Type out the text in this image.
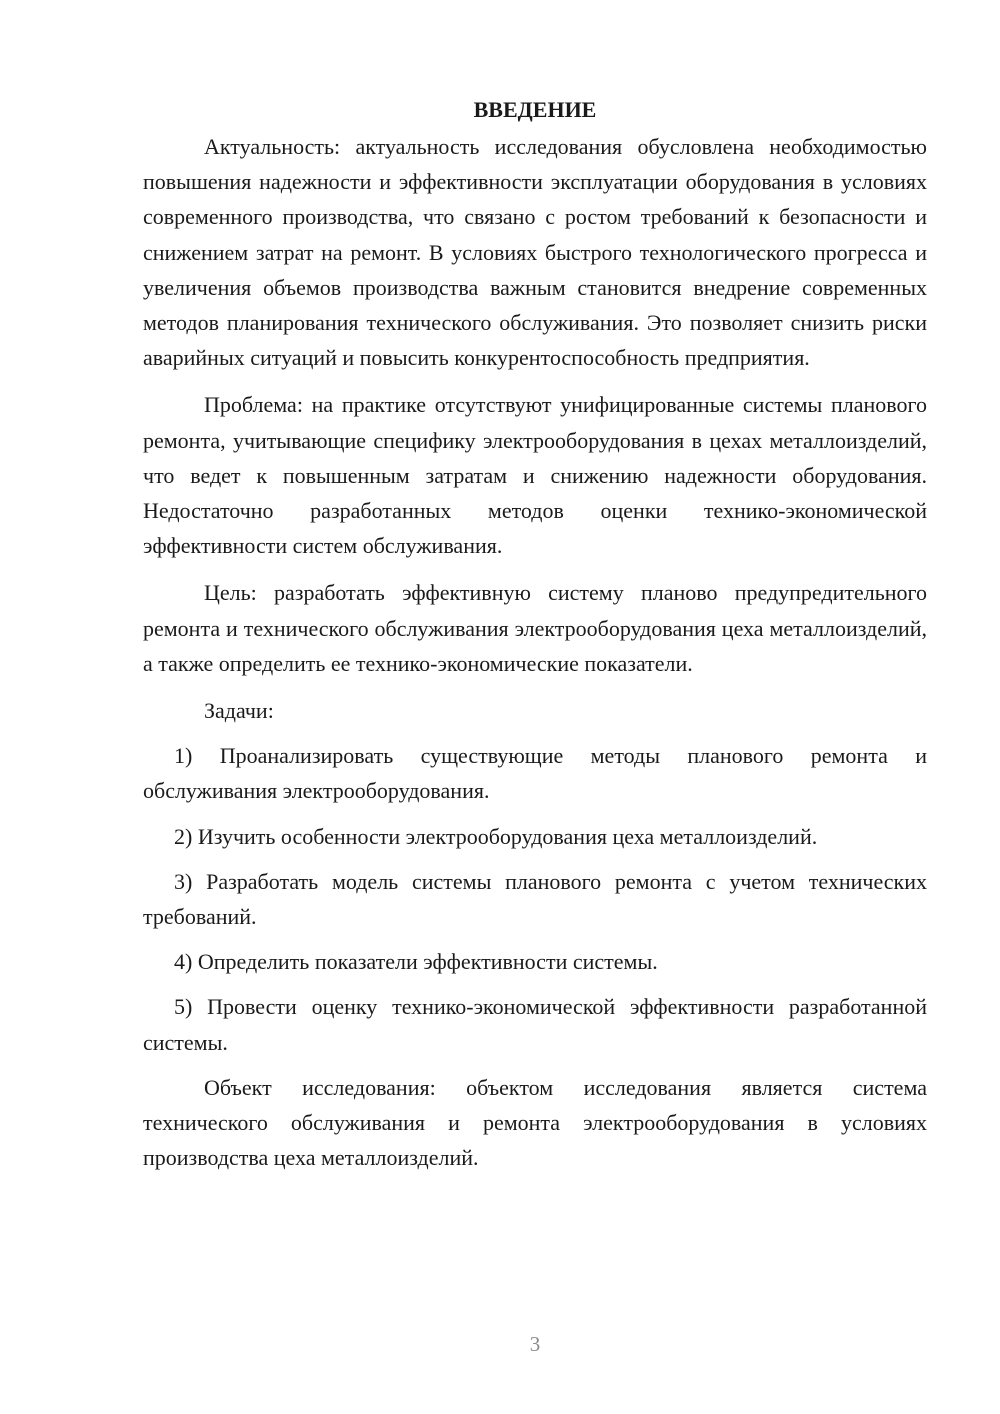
ВВЕДЕНИЕ

Актуальность: актуальность исследования обусловлена необходимостью повышения надежности и эффективности эксплуатации оборудования в условиях современного производства, что связано с ростом требований к безопасности и снижением затрат на ремонт. В условиях быстрого технологического прогресса и увеличения объемов производства важным становится внедрение современных методов планирования технического обслуживания. Это позволяет снизить риски аварийных ситуаций и повысить конкурентоспособность предприятия.

Проблема: на практике отсутствуют унифицированные системы планового ремонта, учитывающие специфику электрооборудования в цехах металлоизделий, что ведет к повышенным затратам и снижению надежности оборудования. Недостаточно разработанных методов оценки технико-экономической эффективности систем обслуживания.

Цель: разработать эффективную систему планово предупредительного ремонта и технического обслуживания электрооборудования цеха металлоизделий, а также определить ее технико-экономические показатели.

Задачи:

1) Проанализировать существующие методы планового ремонта и обслуживания электрооборудования.

2) Изучить особенности электрооборудования цеха металлоизделий.

3) Разработать модель системы планового ремонта с учетом технических требований.

4) Определить показатели эффективности системы.

5) Провести оценку технико-экономической эффективности разработанной системы.

Объект исследования: объектом исследования является система технического обслуживания и ремонта электрооборудования в условиях производства цеха металлоизделий.

3
